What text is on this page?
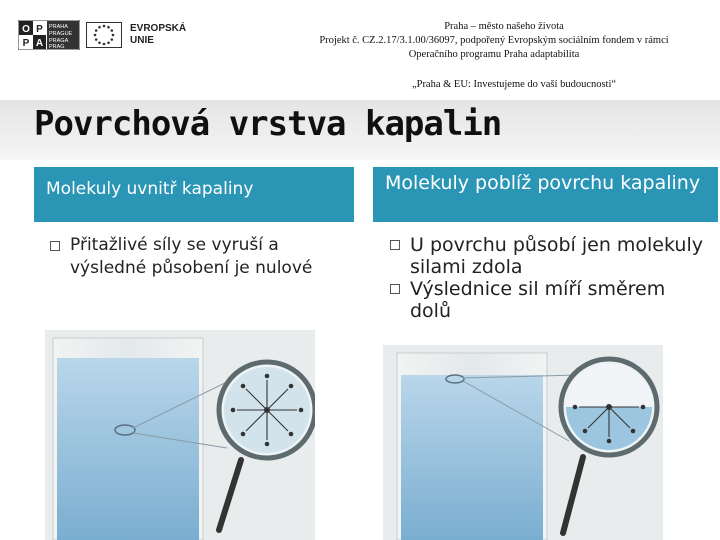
O P
P A
PRAHA
PRAGUE
PRAGA
PRAG
EVROPSKÁ
UNIE
Praha – město našeho života
Projekt č. CZ.2.17/3.1.00/36097, podpořený Evropským sociálním fondem v rámci
Operačního programu Praha adaptabilita
„Praha & EU: Investujeme do vaší budoucnosti“
Povrchová vrstva kapalin
Molekuly uvnitř kapaliny	Molekuly poblíž povrchu kapaliny
Přitažlivé síly se vyruší a výsledné působení je nulové
U povrchu působí jen molekuly silami zdola
Výslednice sil míří směrem dolů
